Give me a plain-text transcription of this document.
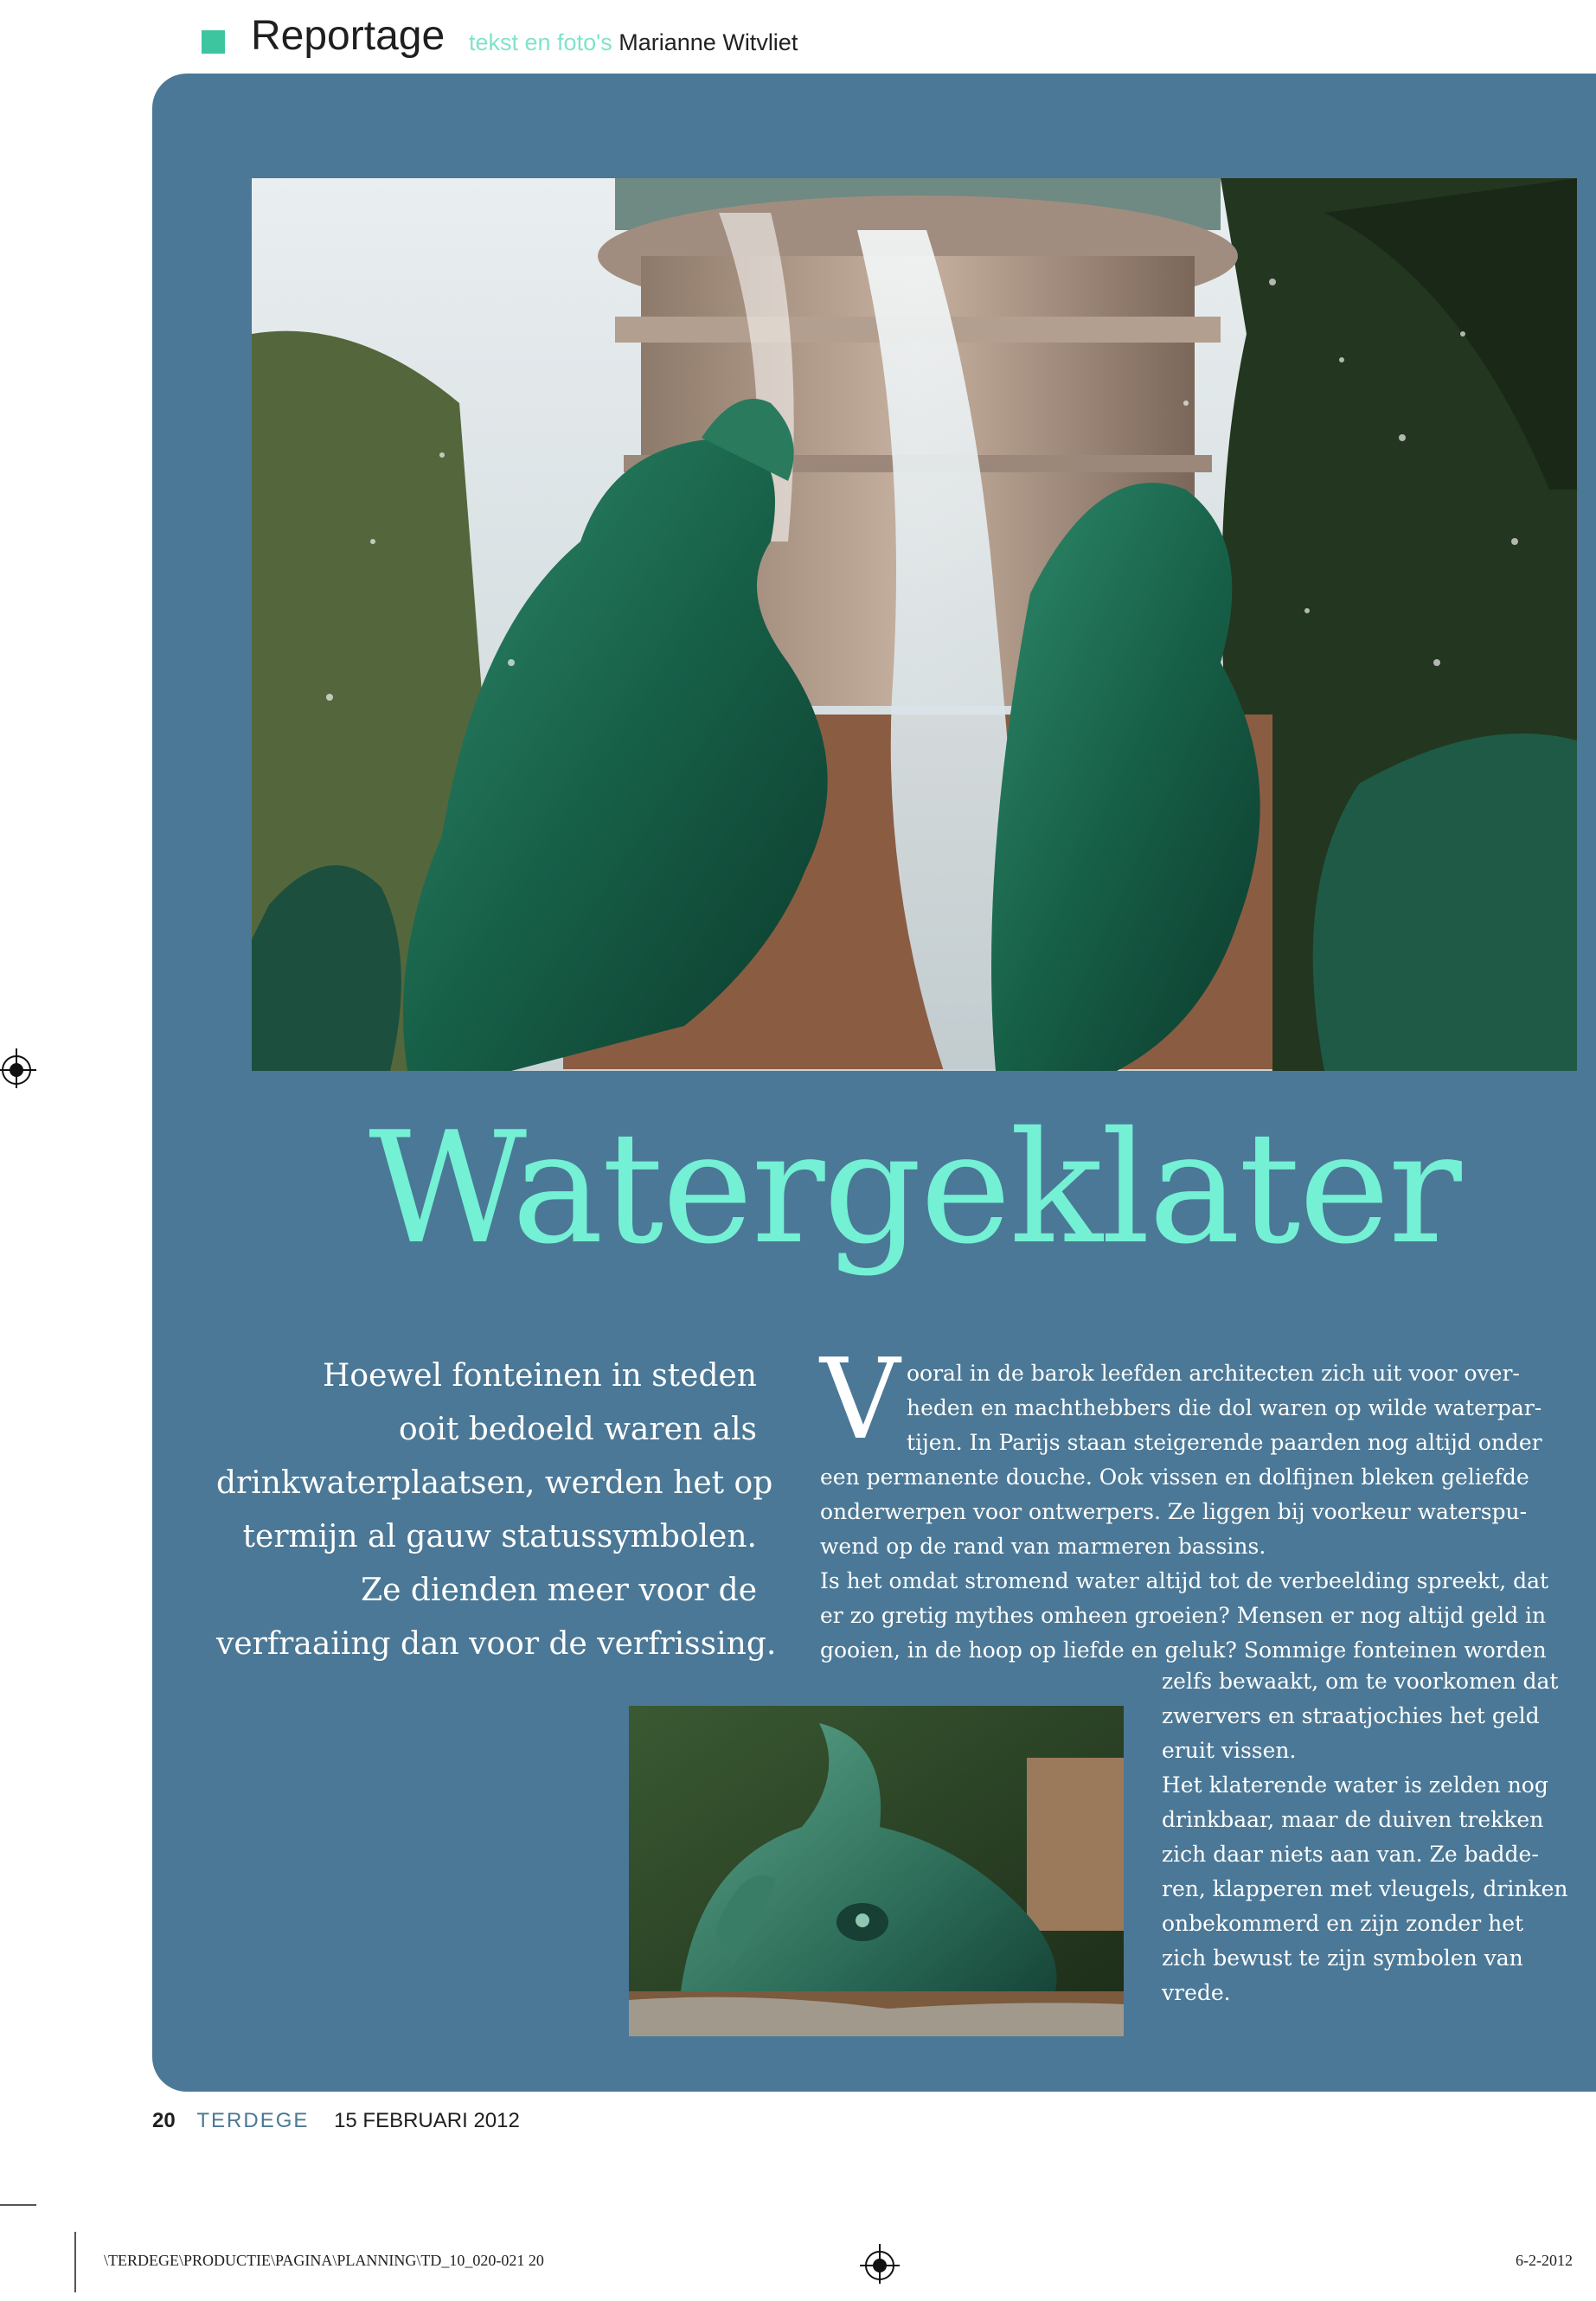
Reportage tekst en foto's Marianne Witvliet
Watergeklater
Hoewel fonteinen in steden
ooit bedoeld waren als
drinkwaterplaatsen, werden het op
termijn al gauw statussymbolen.
Ze dienden meer voor de
verfraaiing dan voor de verfrissing.
V ooral in de barok leefden architecten zich uit voor over-
heden en machthebbers die dol waren op wilde waterpar-
tijen. In Parijs staan steigerende paarden nog altijd onder
een permanente douche. Ook vissen en dolfijnen bleken geliefde
onderwerpen voor ontwerpers. Ze liggen bij voorkeur waterspu-
wend op de rand van marmeren bassins.
Is het omdat stromend water altijd tot de verbeelding spreekt, dat
er zo gretig mythes omheen groeien? Mensen er nog altijd geld in
gooien, in de hoop op liefde en geluk? Sommige fonteinen worden
zelfs bewaakt, om te voorkomen dat
zwervers en straatjochies het geld
eruit vissen.
Het klaterende water is zelden nog
drinkbaar, maar de duiven trekken
zich daar niets aan van. Ze badde-
ren, klapperen met vleugels, drinken
onbekommerd en zijn zonder het
zich bewust te zijn symbolen van
vrede.
20 TERDEGE 15 FEBRUARI 2012
\TERDEGE\PRODUCTIE\PAGINA\PLANNING\TD_10_020-021 20	6-2-2012
